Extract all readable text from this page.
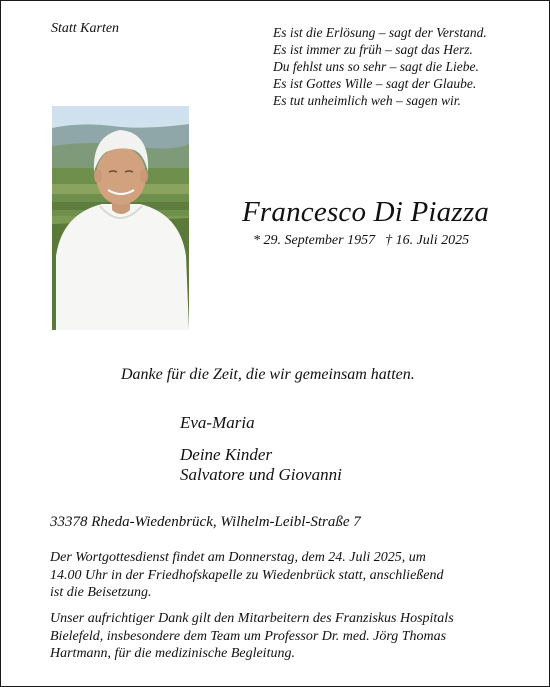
Statt Karten	Es ist die Erlösung – sagt der Verstand.
Es ist immer zu früh – sagt das Herz.
Du fehlst uns so sehr – sagt die Liebe.
Es ist Gottes Wille – sagt der Glaube.
Es tut unheimlich weh – sagen wir.
Francesco Di Piazza
* 29. September 1957 † 16. Juli 2025
Danke für die Zeit, die wir gemeinsam hatten.
Eva-Maria
Deine Kinder
Salvatore und Giovanni
33378 Rheda-Wiedenbrück, Wilhelm-Leibl-Straße 7
Der Wortgottesdienst findet am Donnerstag, dem 24. Juli 2025, um
14.00 Uhr in der Friedhofskapelle zu Wiedenbrück statt, anschließend
ist die Beisetzung.
Unser aufrichtiger Dank gilt den Mitarbeitern des Franziskus Hospitals
Bielefeld, insbesondere dem Team um Professor Dr. med. Jörg Thomas
Hartmann, für die medizinische Begleitung.
